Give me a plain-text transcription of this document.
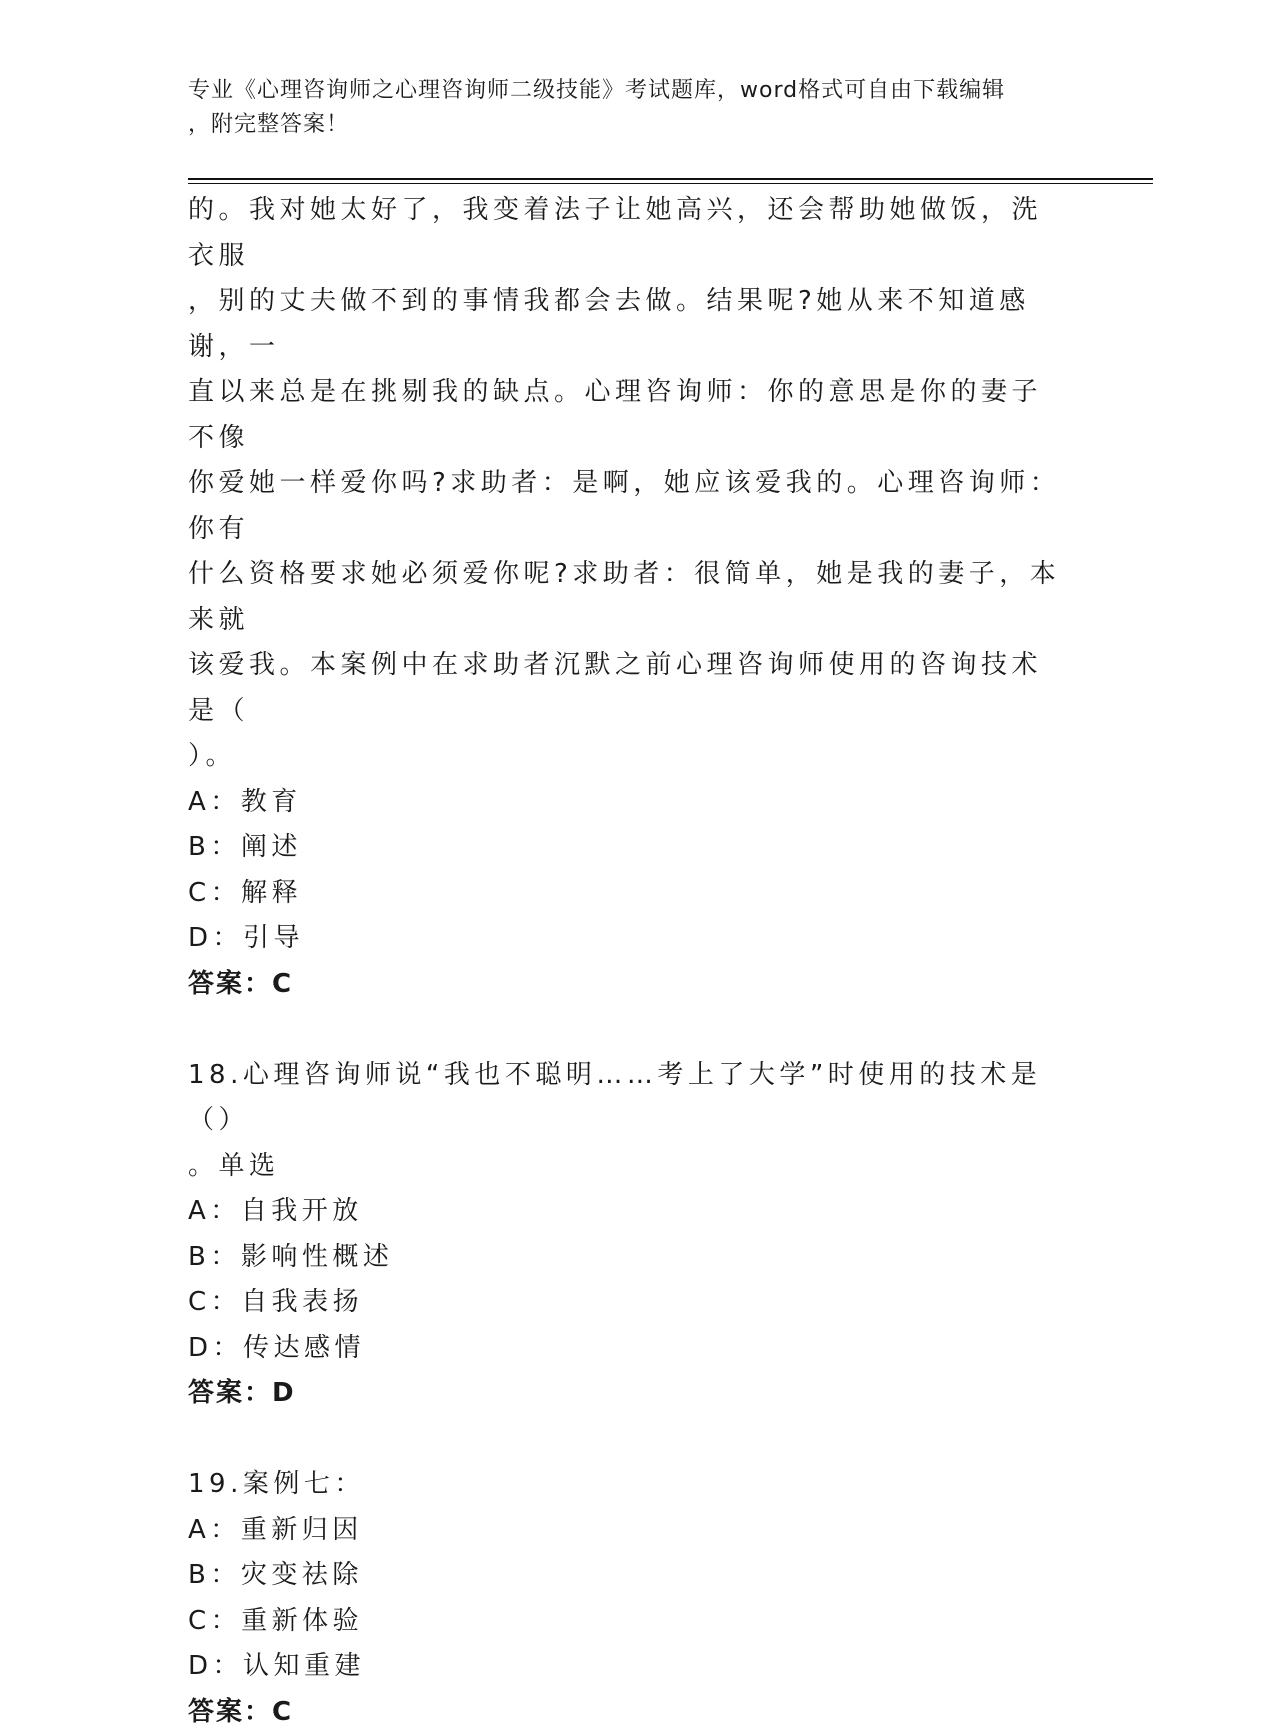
专业《心理咨询师之心理咨询师二级技能》考试题库，word格式可自由下载编辑
，附完整答案！

的。我对她太好了，我变着法子让她高兴，还会帮助她做饭，洗衣服

，别的丈夫做不到的事情我都会去做。结果呢?她从来不知道感谢，一

直以来总是在挑剔我的缺点。心理咨询师：你的意思是你的妻子不像

你爱她一样爱你吗?求助者：是啊，她应该爱我的。心理咨询师：你有

什么资格要求她必须爱你呢?求助者：很简单，她是我的妻子，本来就

该爱我。本案例中在求助者沉默之前心理咨询师使用的咨询技术是（

）。

A：教育

B：阐述

C：解释

D：引导

答案：C

18.心理咨询师说“我也不聪明……考上了大学”时使用的技术是（）

。单选

A：自我开放

B：影响性概述

C：自我表扬

D：传达感情

答案：D

19.案例七：

A：重新归因

B：灾变祛除

C：重新体验

D：认知重建

答案：C
